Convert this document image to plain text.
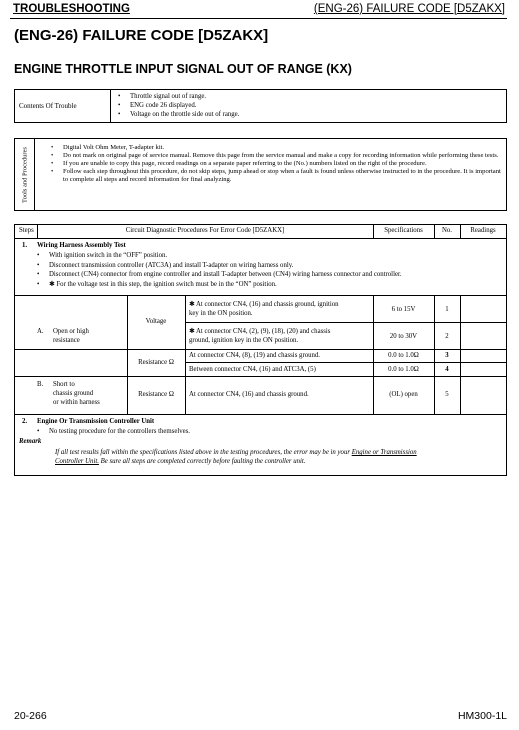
TROUBLESHOOTING	(ENG-26) FAILURE CODE [D5ZAKX]
(ENG-26) FAILURE CODE [D5ZAKX]
ENGINE THROTTLE INPUT SIGNAL OUT OF RANGE (KX)
Contents Of Trouble
• Throttle signal out of range.
• ENG code 26 displayed.
• Voltage on the throttle side out of range.
Tools and Procedures
•	Digital Volt Ohm Meter, T-adapter kit.
• Do not mark on original page of service manual. Remove this page from the service manual and make a copy for recording information while performing these tests.
• If you are unable to copy this page, record readings on a separate paper referring to the (No.) numbers listed on the right of the procedure.
• Follow each step throughout this procedure, do not skip steps, jump ahead or stop when a fault is found unless otherwise instructed to in the procedure. It is important to complete all steps and record information for final analyzing.
Steps	Circuit Diagnostic Procedures For Error Code [D5ZAKX]	Specifications	No.	Readings
1. Wiring Harness Assembly Test
• With ignition switch in the “OFF” position.
• Disconnect transmission controller (ATC3A) and install T-adapter on wiring harness only.
• Disconnect (CN4) connector from engine controller and install T-adapter between (CN4) wiring harness connector and controller.
• ✱ For the voltage test in this step, the ignition switch must be in the “ON” position.
A. Open or high
resistance
Voltage
Resistance Ω
✱ At connector CN4, (16) and chassis ground, ignition
key in the ON position.
6 to 15V	1
✱ At connector CN4, (2), (9), (18), (20) and chassis
ground, ignition key in the ON position.
20 to 30V	2
At connector CN4, (8), (19) and chassis ground.	0.0 to 1.0Ω	3
Between connector CN4, (16) and ATC3A, (5)	0.0 to 1.0Ω	4
B. Short to
chassis ground
or within harness
Resistance Ω	At connector CN4, (16) and chassis ground.	(OL) open	5
2. Engine Or Transmission Controller Unit
• No testing procedure for the controllers themselves.
Remark
If all test results fall within the specifications listed above in the testing procedures, the error may be in your Engine or Transmission
Controller Unit. Be sure all steps are completed correctly before faulting the controller unit.
20-266	HM300-1L
